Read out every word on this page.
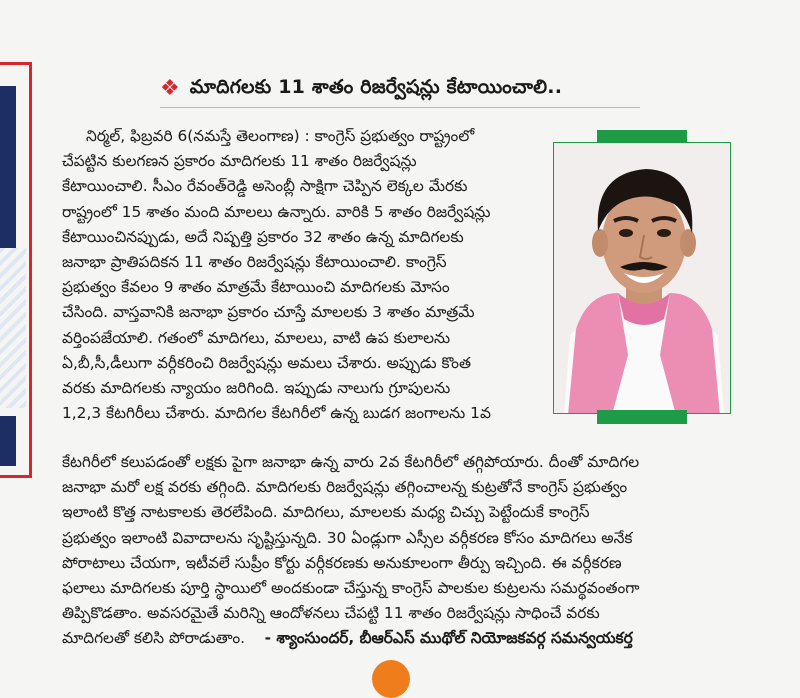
❖ మాదిగలకు 11 శాతం రిజర్వేషన్లు కేటాయించాలి..
నిర్మల్, ఫిబ్రవరి 6(నమస్తే తెలంగాణ) : కాంగ్రెస్ ప్రభుత్వం రాష్ట్రంలో
చేపట్టిన కులగణన ప్రకారం మాదిగలకు 11 శాతం రిజర్వేషన్లు
కేటాయించాలి. సీఎం రేవంత్‌రెడ్డి అసెంబ్లీ సాక్షిగా చెప్పిన లెక్కల మేరకు
రాష్ట్రంలో 15 శాతం మంది మాలలు ఉన్నారు. వారికి 5 శాతం రిజర్వేషన్లు
కేటాయించినప్పుడు, అదే నిష్పత్తి ప్రకారం 32 శాతం ఉన్న మాదిగలకు
జనాభా ప్రాతిపదికన 11 శాతం రిజర్వేషన్లు కేటాయించాలి. కాంగ్రెస్
ప్రభుత్వం కేవలం 9 శాతం మాత్రమే కేటాయించి మాదిగలకు మోసం
చేసింది. వాస్తవానికి జనాభా ప్రకారం చూస్తే మాలలకు 3 శాతం మాత్రమే
వర్తింపజేయాలి. గతంలో మాదిగలు, మాలలు, వాటి ఉప కులాలను
ఏ,బీ,సీ,డీలుగా వర్గీకరించి రిజర్వేషన్లు అమలు చేశారు. అప్పుడు కొంత
వరకు మాదిగలకు న్యాయం జరిగింది. ఇప్పుడు నాలుగు గ్రూపులను
1,2,3 కేటగిరీలు చేశారు. మాదిగల కేటగిరీలో ఉన్న బుడగ జంగాలను 1వ
కేటగిరీలో కలుపడంతో లక్షకు పైగా జనాభా ఉన్న వారు 2వ కేటగిరీలో తగ్గిపోయారు. దీంతో మాదిగల
జనాభా మరో లక్ష వరకు తగ్గింది. మాదిగలకు రిజర్వేషన్లు తగ్గించాలన్న కుట్రతోనే కాంగ్రెస్ ప్రభుత్వం
ఇలాంటి కొత్త నాటకాలకు తెరలేపింది. మాదిగలు, మాలలకు మధ్య చిచ్చు పెట్టేందుకే కాంగ్రెస్
ప్రభుత్వం ఇలాంటి వివాదాలను సృష్టిస్తున్నది. 30 ఏండ్లుగా ఎస్సీల వర్గీకరణ కోసం మాదిగలు అనేక
పోరాటాలు చేయగా, ఇటీవలే సుప్రీం కోర్టు వర్గీకరణకు అనుకూలంగా తీర్పు ఇచ్చింది. ఈ వర్గీకరణ
ఫలాలు మాదిగలకు పూర్తి స్థాయిలో అందకుండా చేస్తున్న కాంగ్రెస్ పాలకుల కుట్రలను సమర్థవంతంగా
తిప్పికొడతాం. అవసరమైతే మరిన్ని ఆందోళనలు చేపట్టి 11 శాతం రిజర్వేషన్లు సాధించే వరకు
మాదిగలతో కలిసి పోరాడుతాం. - శ్యాంసుందర్, బీఆర్ఎస్ ముథోల్ నియోజకవర్గ సమన్వయకర్త
